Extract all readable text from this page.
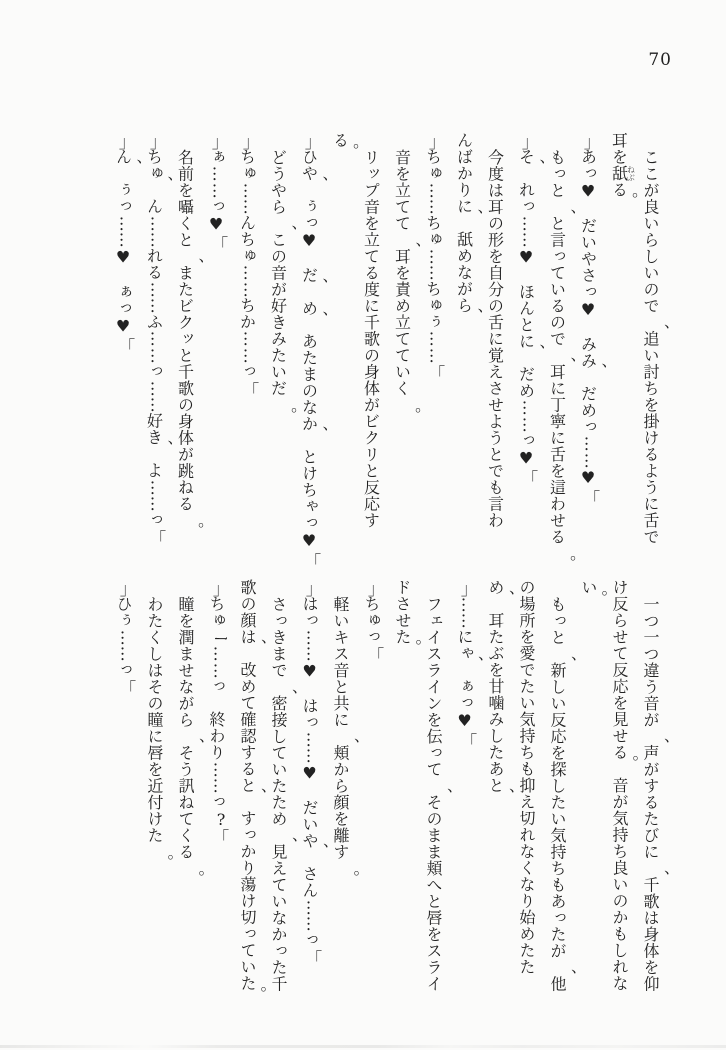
70

ここが良いらしいので、追い討ちを掛けるように舌で

耳を舐ねぶる。

「あっ♥だいやさっ♥みみ、だめっ……♥」

もっと、と言っているので、耳に丁寧に舌を這わせる。

「そ、れっ……♥ほんとに、だめ……っ♥」

今度は耳の形を自分の舌に覚えさせようとでも言わ

んばかりに、舐めながら、

「ちゅ……ちゅ……ちゅぅ……」

音を立てて、耳を責め立てていく。

リップ音を立てる度に千歌の身体がビクリと反応す

る。

「ひや、ぅっ♥だ、め、あたまのなか、とけちゃっ♥」

どうやら、この音が好きみたいだ。

「ちゅ……んちゅ……ちか……っ」

「ぁ……っ♥」

名前を囁くと、またビクッと千歌の身体が跳ねる。

「ちゅ、ん……れる……ふ……っ……好き、よ……っ」

「ん、ぅっ……♥ぁっ♥」

一つ一つ違う音が、声がするたびに、千歌は身体を仰

け反らせて反応を見せる。音が気持ち良いのかもしれな

い。

もっと、新しい反応を探したい気持ちもあったが、他

の場所を愛でたい気持ちも抑え切れなくなり始めたた

め、耳たぶを甘噛みしたあと、

「……にゃ、ぁっ♥」

フェイスラインを伝って、そのまま頬へと唇をスライ

ドさせた。

「ちゅっ」

軽いキス音と共に、頬から顔を離す。

「はっ……♥はっ……♥だいや、さん……っ」

さっきまで、密接していたため、見えていなかった千

歌の顔は、改めて確認すると、すっかり蕩け切っていた。

「ちゅー……っ終わり……っ?」

瞳を潤ませながら、そう訊ねてくる。

わたくしはその瞳に唇を近付けた。

「ひぅ……っ」
